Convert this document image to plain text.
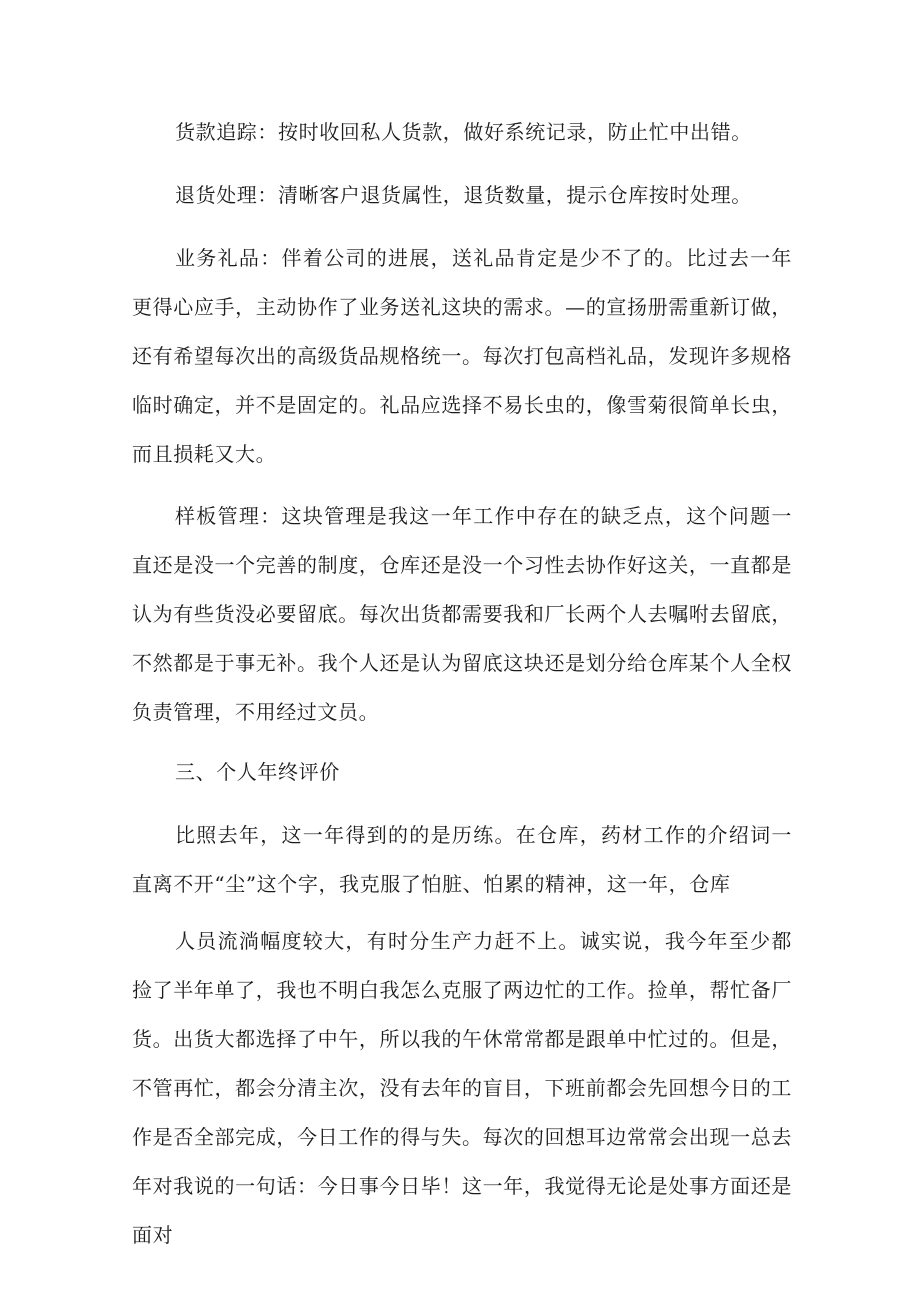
货款追踪：按时收回私人货款，做好系统记录，防止忙中出错。

退货处理：清晰客户退货属性，退货数量，提示仓库按时处理。

业务礼品：伴着公司的进展，送礼品肯定是少不了的。比过去一年更得心应手，主动协作了业务送礼这块的需求。—的宣扬册需重新订做，还有希望每次出的高级货品规格统一。每次打包高档礼品，发现许多规格临时确定，并不是固定的。礼品应选择不易长虫的，像雪菊很简单长虫，而且损耗又大。

样板管理：这块管理是我这一年工作中存在的缺乏点，这个问题一直还是没一个完善的制度，仓库还是没一个习性去协作好这关，一直都是认为有些货没必要留底。每次出货都需要我和厂长两个人去嘱咐去留底，不然都是于事无补。我个人还是认为留底这块还是划分给仓库某个人全权负责管理，不用经过文员。

三、个人年终评价

比照去年，这一年得到的的是历练。在仓库，药材工作的介绍词一直离不开“尘”这个字，我克服了怕脏、怕累的精神，这一年，仓库

人员流淌幅度较大，有时分生产力赶不上。诚实说，我今年至少都捡了半年单了，我也不明白我怎么克服了两边忙的工作。捡单，帮忙备厂货。出货大都选择了中午，所以我的午休常常都是跟单中忙过的。但是，不管再忙，都会分清主次，没有去年的盲目，下班前都会先回想今日的工作是否全部完成，今日工作的得与失。每次的回想耳边常常会出现一总去年对我说的一句话：今日事今日毕！这一年，我觉得无论是处事方面还是面对
